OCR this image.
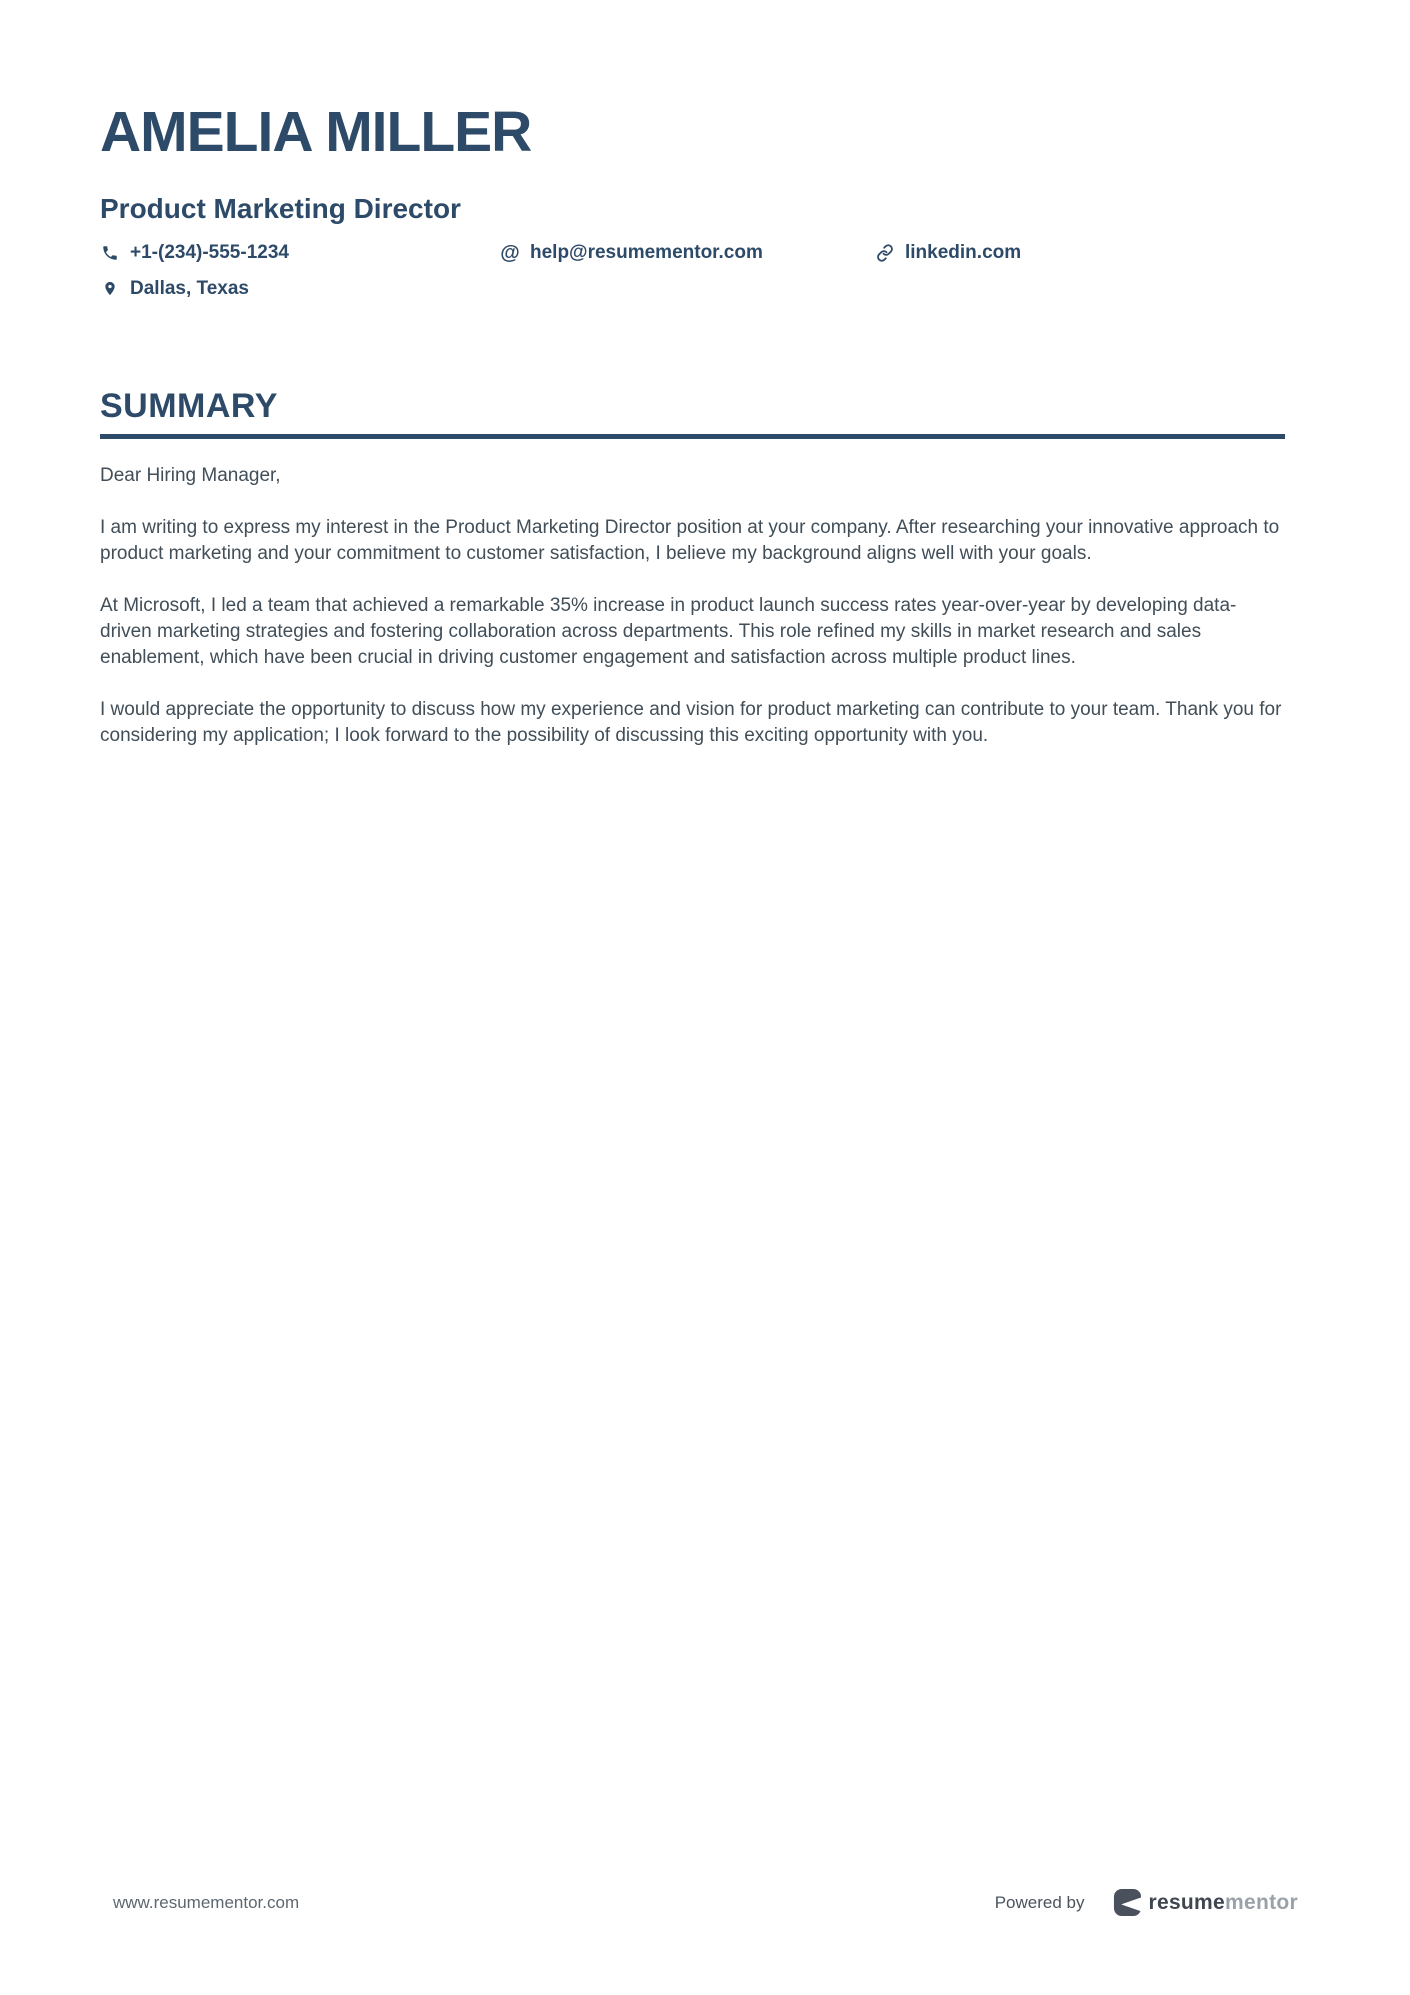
AMELIA MILLER
Product Marketing Director
+1-(234)-555-1234	@ help@resumementor.com	linkedin.com
Dallas, Texas
SUMMARY

Dear Hiring Manager,

I am writing to express my interest in the Product Marketing Director position at your company. After researching your innovative approach to product marketing and your commitment to customer satisfaction, I believe my background aligns well with your goals.

At Microsoft, I led a team that achieved a remarkable 35% increase in product launch success rates year-over-year by developing data-driven marketing strategies and fostering collaboration across departments. This role refined my skills in market research and sales enablement, which have been crucial in driving customer engagement and satisfaction across multiple product lines.

I would appreciate the opportunity to discuss how my experience and vision for product marketing can contribute to your team. Thank you for considering my application; I look forward to the possibility of discussing this exciting opportunity with you.

www.resumementor.com	Powered by	resumementor
